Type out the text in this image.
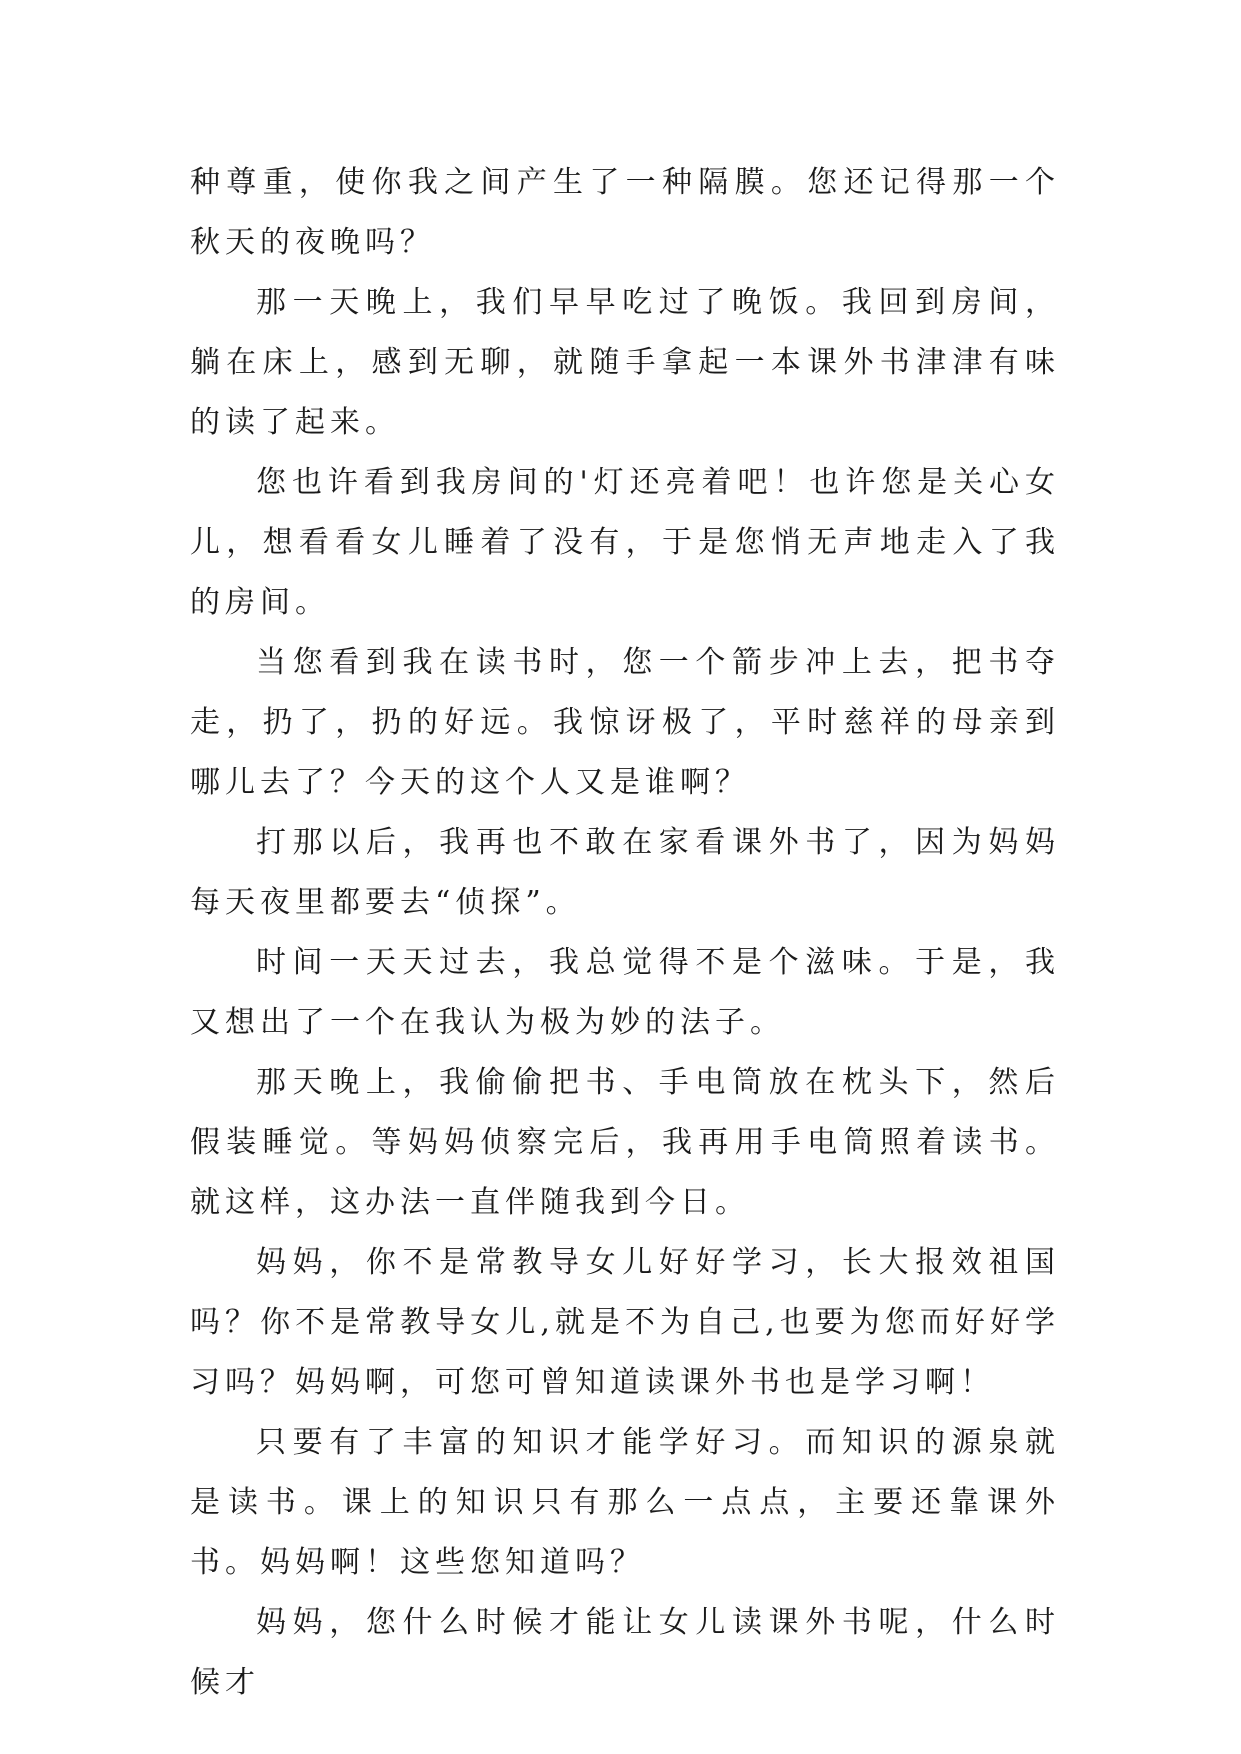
种尊重，使你我之间产生了一种隔膜。您还记得那一个秋天的夜晚吗？

那一天晚上，我们早早吃过了晚饭。我回到房间，躺在床上，感到无聊，就随手拿起一本课外书津津有味的读了起来。

您也许看到我房间的'灯还亮着吧！也许您是关心女儿，想看看女儿睡着了没有，于是您悄无声地走入了我的房间。

当您看到我在读书时，您一个箭步冲上去，把书夺走，扔了，扔的好远。我惊讶极了，平时慈祥的母亲到哪儿去了？今天的这个人又是谁啊？

打那以后，我再也不敢在家看课外书了，因为妈妈每天夜里都要去“侦探”。

时间一天天过去，我总觉得不是个滋味。于是，我又想出了一个在我认为极为妙的法子。

那天晚上，我偷偷把书、手电筒放在枕头下，然后假装睡觉。等妈妈侦察完后，我再用手电筒照着读书。就这样，这办法一直伴随我到今日。

妈妈，你不是常教导女儿好好学习，长大报效祖国吗？你不是常教导女儿,就是不为自己,也要为您而好好学习吗？妈妈啊，可您可曾知道读课外书也是学习啊！

只要有了丰富的知识才能学好习。而知识的源泉就是读书。课上的知识只有那么一点点，主要还靠课外书。妈妈啊！这些您知道吗？

妈妈，您什么时候才能让女儿读课外书呢，什么时候才
